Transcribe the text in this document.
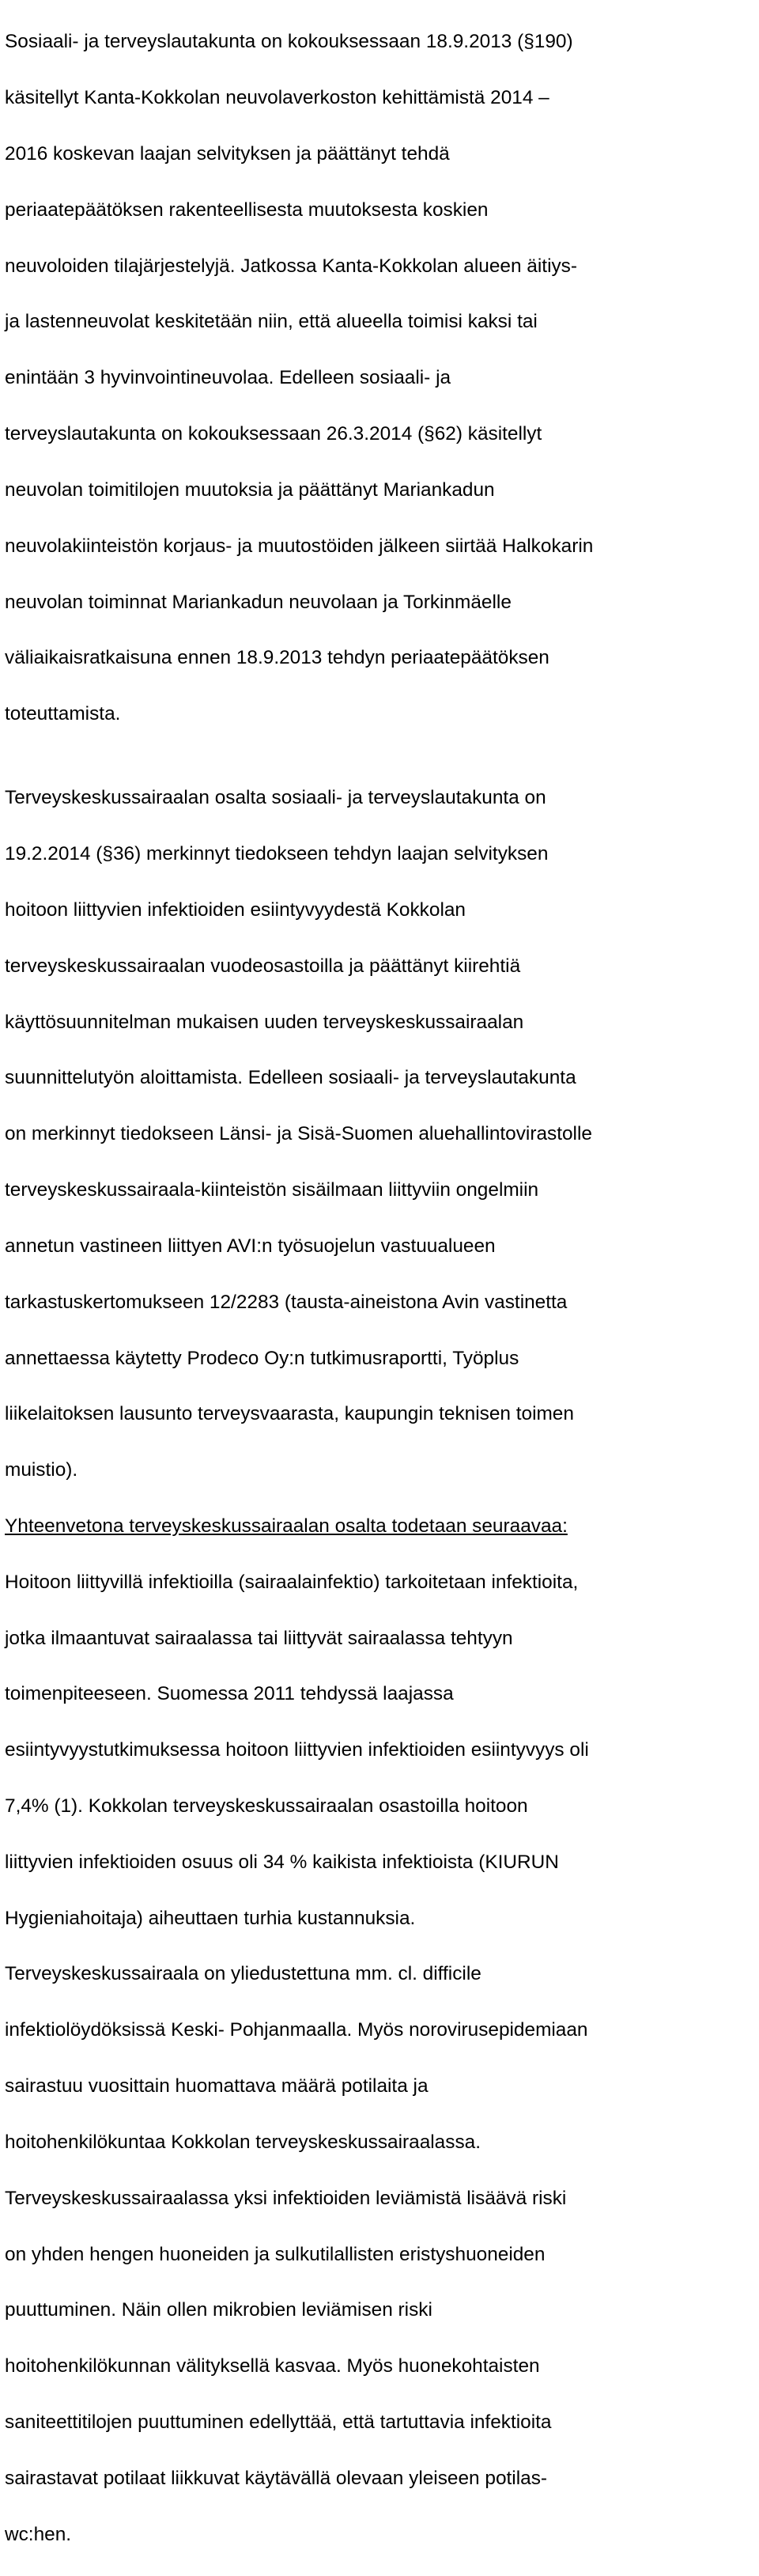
Sosiaali- ja terveyslautakunta on kokouksessaan 18.9.2013 (§190)

käsitellyt Kanta-Kokkolan neuvolaverkoston kehittämistä 2014 –

2016 koskevan laajan selvityksen ja päättänyt tehdä

periaatepäätöksen rakenteellisesta muutoksesta koskien

neuvoloiden tilajärjestelyjä. Jatkossa Kanta-Kokkolan alueen äitiys-

ja lastenneuvolat keskitetään niin, että alueella toimisi kaksi tai

enintään 3 hyvinvointineuvolaa. Edelleen sosiaali- ja

terveyslautakunta on kokouksessaan 26.3.2014 (§62) käsitellyt

neuvolan toimitilojen muutoksia ja päättänyt Mariankadun

neuvolakiinteistön korjaus- ja muutostöiden jälkeen siirtää Halkokarin

neuvolan toiminnat Mariankadun neuvolaan ja Torkinmäelle

väliaikaisratkaisuna ennen 18.9.2013 tehdyn periaatepäätöksen

toteuttamista.

Terveyskeskussairaalan osalta sosiaali- ja terveyslautakunta on

19.2.2014 (§36) merkinnyt tiedokseen tehdyn laajan selvityksen

hoitoon liittyvien infektioiden esiintyvyydestä Kokkolan

terveyskeskussairaalan vuodeosastoilla ja päättänyt kiirehtiä

käyttösuunnitelman mukaisen uuden terveyskeskussairaalan

suunnittelutyön aloittamista. Edelleen sosiaali- ja terveyslautakunta

on merkinnyt tiedokseen Länsi- ja Sisä-Suomen aluehallintovirastolle

terveyskeskussairaala-kiinteistön sisäilmaan liittyviin ongelmiin

annetun vastineen liittyen AVI:n työsuojelun vastuualueen

tarkastuskertomukseen 12/2283 (tausta-aineistona Avin vastinetta

annettaessa käytetty Prodeco Oy:n tutkimusraportti, Työplus

liikelaitoksen lausunto terveysvaarasta, kaupungin teknisen toimen

muistio).

Yhteenvetona terveyskeskussairaalan osalta todetaan seuraavaa:

Hoitoon liittyvillä infektioilla (sairaalainfektio) tarkoitetaan infektioita,

jotka ilmaantuvat sairaalassa tai liittyvät sairaalassa tehtyyn

toimenpiteeseen. Suomessa 2011 tehdyssä laajassa

esiintyvyystutkimuksessa hoitoon liittyvien infektioiden esiintyvyys oli

7,4% (1). Kokkolan terveyskeskussairaalan osastoilla hoitoon

liittyvien infektioiden osuus oli 34 % kaikista infektioista (KIURUN

Hygieniahoitaja) aiheuttaen turhia kustannuksia.

Terveyskeskussairaala on yliedustettuna mm. cl. difficile

infektiolöydöksissä Keski- Pohjanmaalla. Myös norovirusepidemiaan

sairastuu vuosittain huomattava määrä potilaita ja

hoitohenkilökuntaa Kokkolan terveyskeskussairaalassa.

Terveyskeskussairaalassa yksi infektioiden leviämistä lisäävä riski

on yhden hengen huoneiden ja sulkutilallisten eristyshuoneiden

puuttuminen. Näin ollen mikrobien leviämisen riski

hoitohenkilökunnan välityksellä kasvaa. Myös huonekohtaisten

saniteettitilojen puuttuminen edellyttää, että tartuttavia infektioita

sairastavat potilaat liikkuvat käytävällä olevaan yleiseen potilas-

wc:hen.
